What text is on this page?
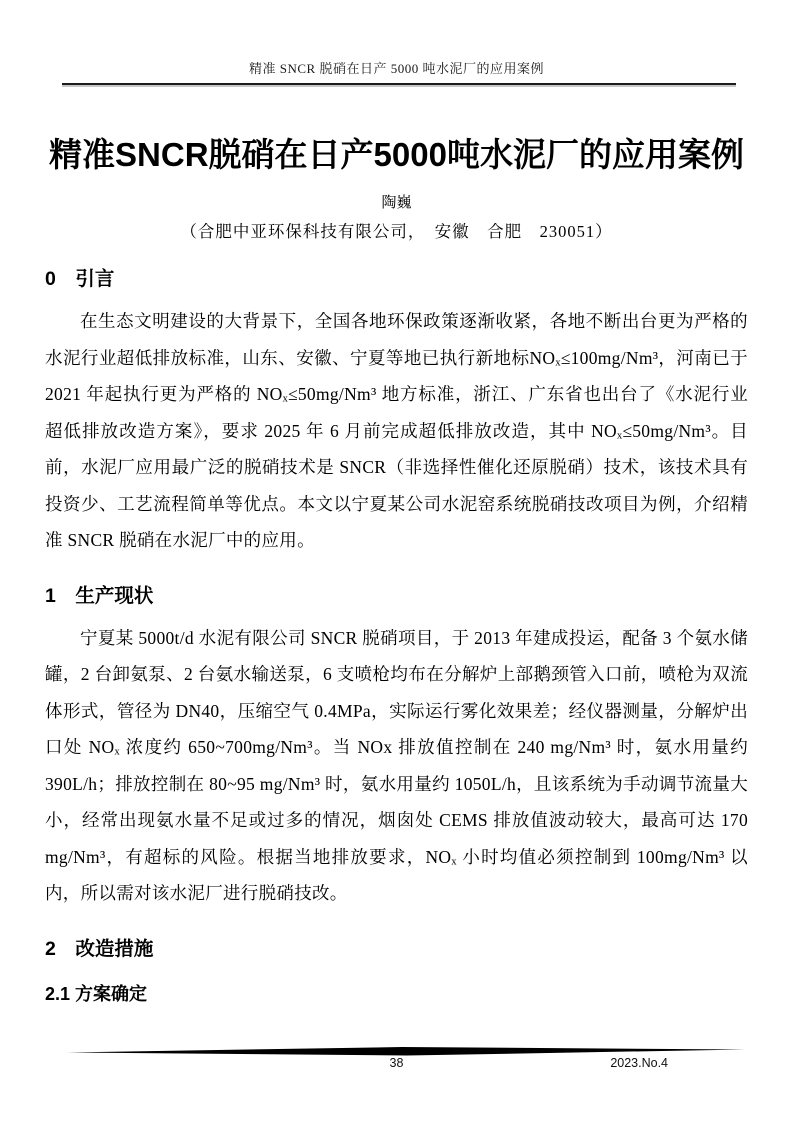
精准 SNCR 脱硝在日产 5000 吨水泥厂的应用案例
精准SNCR脱硝在日产5000吨水泥厂的应用案例
陶巍
（合肥中亚环保科技有限公司，　安徽　合肥　230051）
0　引言

在生态文明建设的大背景下，全国各地环保政策逐渐收紧，各地不断出台更为严格的水泥行业超低排放标准，山东、安徽、宁夏等地已执行新地标NOₓ≤100mg/Nm³，河南已于 2021 年起执行更为严格的 NOₓ≤50mg/Nm³ 地方标准，浙江、广东省也出台了《水泥行业超低排放改造方案》，要求 2025 年 6 月前完成超低排放改造，其中 NOₓ≤50mg/Nm³。目前，水泥厂应用最广泛的脱硝技术是 SNCR（非选择性催化还原脱硝）技术，该技术具有投资少、工艺流程简单等优点。本文以宁夏某公司水泥窑系统脱硝技改项目为例，介绍精准 SNCR 脱硝在水泥厂中的应用。

1　生产现状

宁夏某 5000t/d 水泥有限公司 SNCR 脱硝项目，于 2013 年建成投运，配备 3 个氨水储罐，2 台卸氨泵、2 台氨水输送泵，6 支喷枪均布在分解炉上部鹅颈管入口前，喷枪为双流体形式，管径为 DN40，压缩空气 0.4MPa，实际运行雾化效果差；经仪器测量，分解炉出口处 NOₓ 浓度约 650~700mg/Nm³。当 NOx 排放值控制在 240 mg/Nm³ 时，氨水用量约 390L/h；排放控制在 80~95 mg/Nm³ 时，氨水用量约 1050L/h，且该系统为手动调节流量大小，经常出现氨水量不足或过多的情况，烟囱处 CEMS 排放值波动较大，最高可达 170 mg/Nm³，有超标的风险。根据当地排放要求，NOₓ 小时均值必须控制到 100mg/Nm³ 以内，所以需对该水泥厂进行脱硝技改。

2　改造措施
2.1 方案确定
38	2023.No.4
